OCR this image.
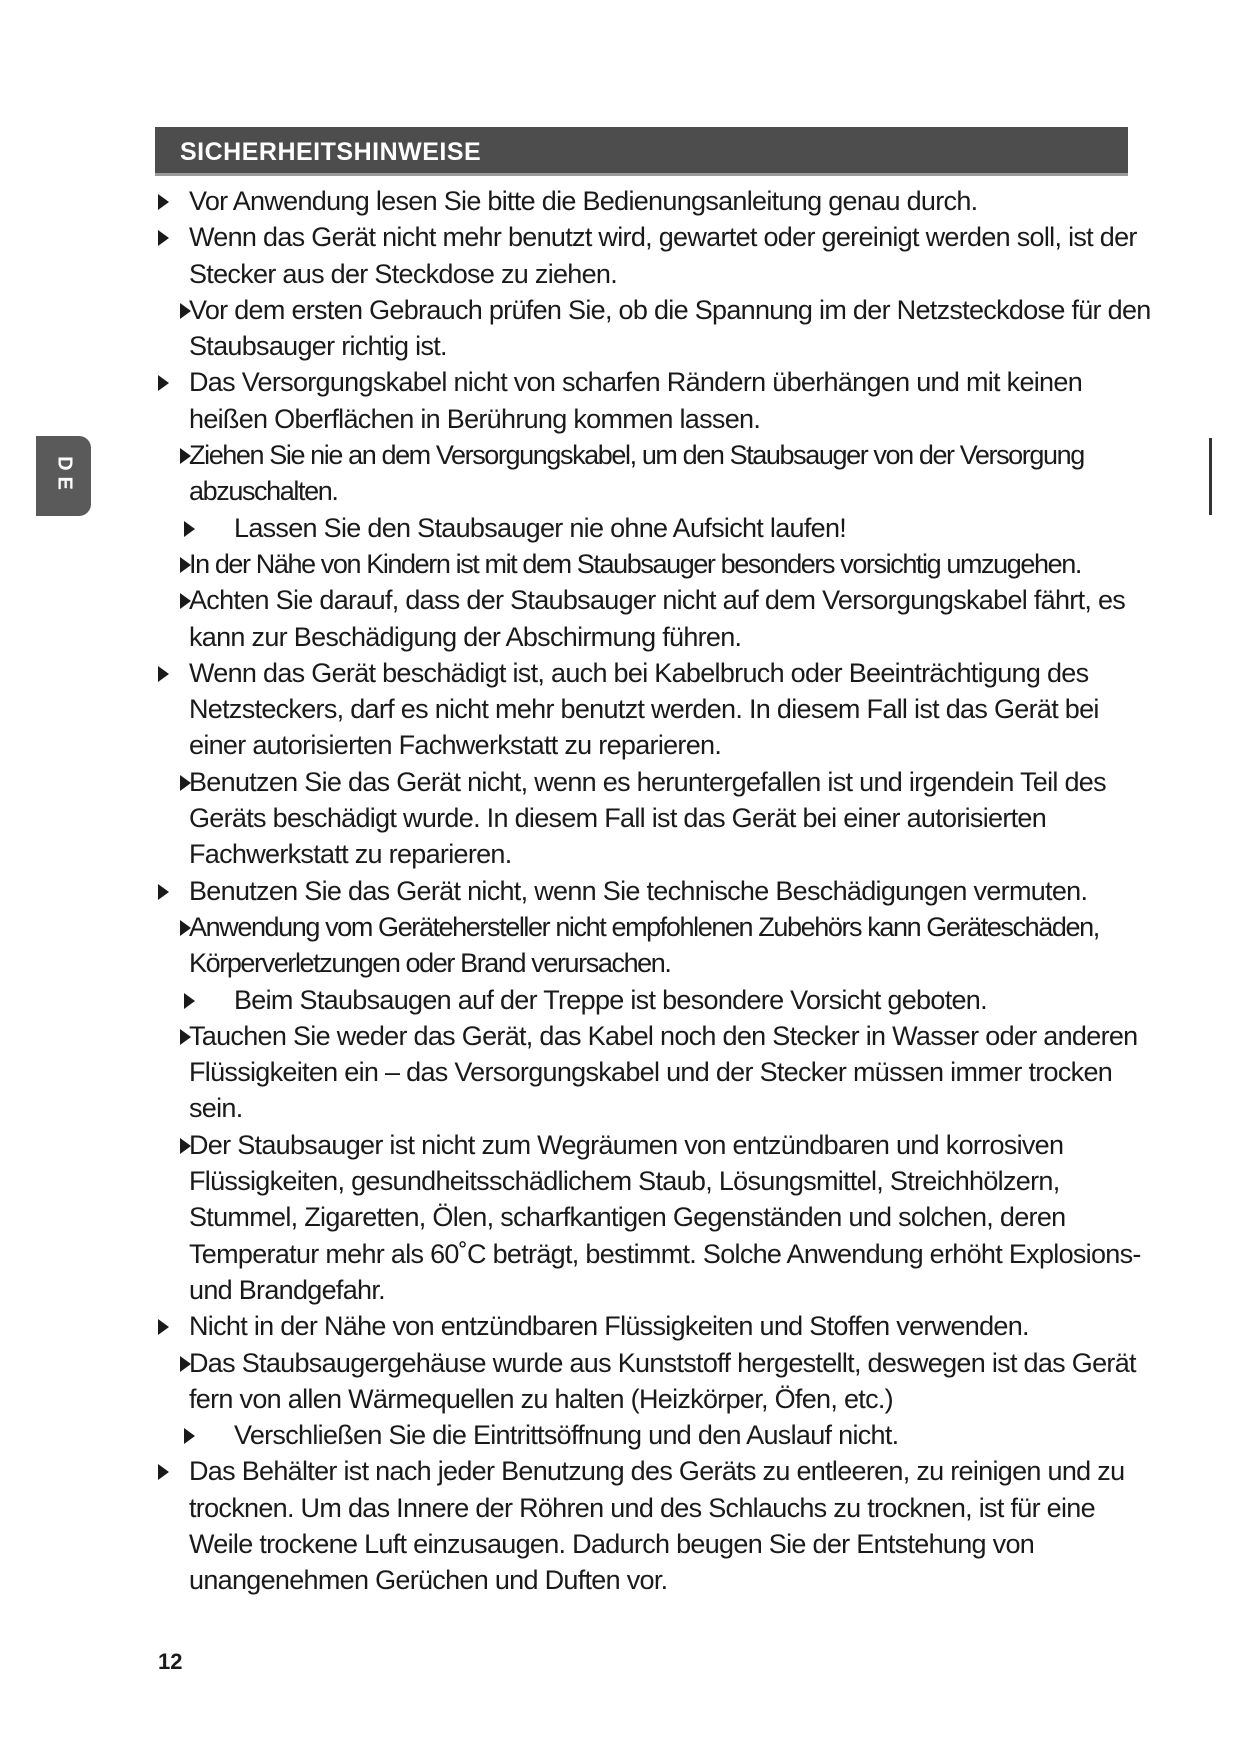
SICHERHEITSHINWEISE
DE
Vor Anwendung lesen Sie bitte die Bedienungsanleitung genau durch.
Wenn das Gerät nicht mehr benutzt wird, gewartet oder gereinigt werden soll, ist der Stecker aus der Steckdose zu ziehen.
Vor dem ersten Gebrauch prüfen Sie, ob die Spannung im der Netzsteckdose für den Staubsauger richtig ist.
Das Versorgungskabel nicht von scharfen Rändern überhängen und mit keinen heißen Oberflächen in Berührung kommen lassen.
Ziehen Sie nie an dem Versorgungskabel, um den Staubsauger von der Versorgung abzuschalten.
Lassen Sie den Staubsauger nie ohne Aufsicht laufen!
In der Nähe von Kindern ist mit dem Staubsauger besonders vorsichtig umzugehen.
Achten Sie darauf, dass der Staubsauger nicht auf dem Versorgungskabel fährt, es kann zur Beschädigung der Abschirmung führen.
Wenn das Gerät beschädigt ist, auch bei Kabelbruch oder Beeinträchtigung des Netzsteckers, darf es nicht mehr benutzt werden. In diesem Fall ist das Gerät bei einer autorisierten Fachwerkstatt zu reparieren.
Benutzen Sie das Gerät nicht, wenn es heruntergefallen ist und irgendein Teil des Geräts beschädigt wurde. In diesem Fall ist das Gerät bei einer autorisierten Fachwerkstatt zu reparieren.
Benutzen Sie das Gerät nicht, wenn Sie technische Beschädigungen vermuten.
Anwendung vom Gerätehersteller nicht empfohlenen Zubehörs kann Geräteschäden, Körperverletzungen oder Brand verursachen.
Beim Staubsaugen auf der Treppe ist besondere Vorsicht geboten.
Tauchen Sie weder das Gerät, das Kabel noch den Stecker in Wasser oder anderen Flüssigkeiten ein – das Versorgungskabel und der Stecker müssen immer trocken sein.
Der Staubsauger ist nicht zum Wegräumen von entzündbaren und korrosiven Flüssigkeiten, gesundheitsschädlichem Staub, Lösungsmittel, Streichhölzern, Stummel, Zigaretten, Ölen, scharfkantigen Gegenständen und solchen, deren Temperatur mehr als 60˚C beträgt, bestimmt. Solche Anwendung erhöht Explosions- und Brandgefahr.
Nicht in der Nähe von entzündbaren Flüssigkeiten und Stoffen verwenden.
Das Staubsaugergehäuse wurde aus Kunststoff hergestellt, deswegen ist das Gerät fern von allen Wärmequellen zu halten (Heizkörper, Öfen, etc.)
Verschließen Sie die Eintrittsöffnung und den Auslauf nicht.
Das Behälter ist nach jeder Benutzung des Geräts zu entleeren, zu reinigen und zu trocknen. Um das Innere der Röhren und des Schlauchs zu trocknen, ist für eine Weile trockene Luft einzusaugen. Dadurch beugen Sie der Entstehung von unangenehmen Gerüchen und Duften vor.
12
